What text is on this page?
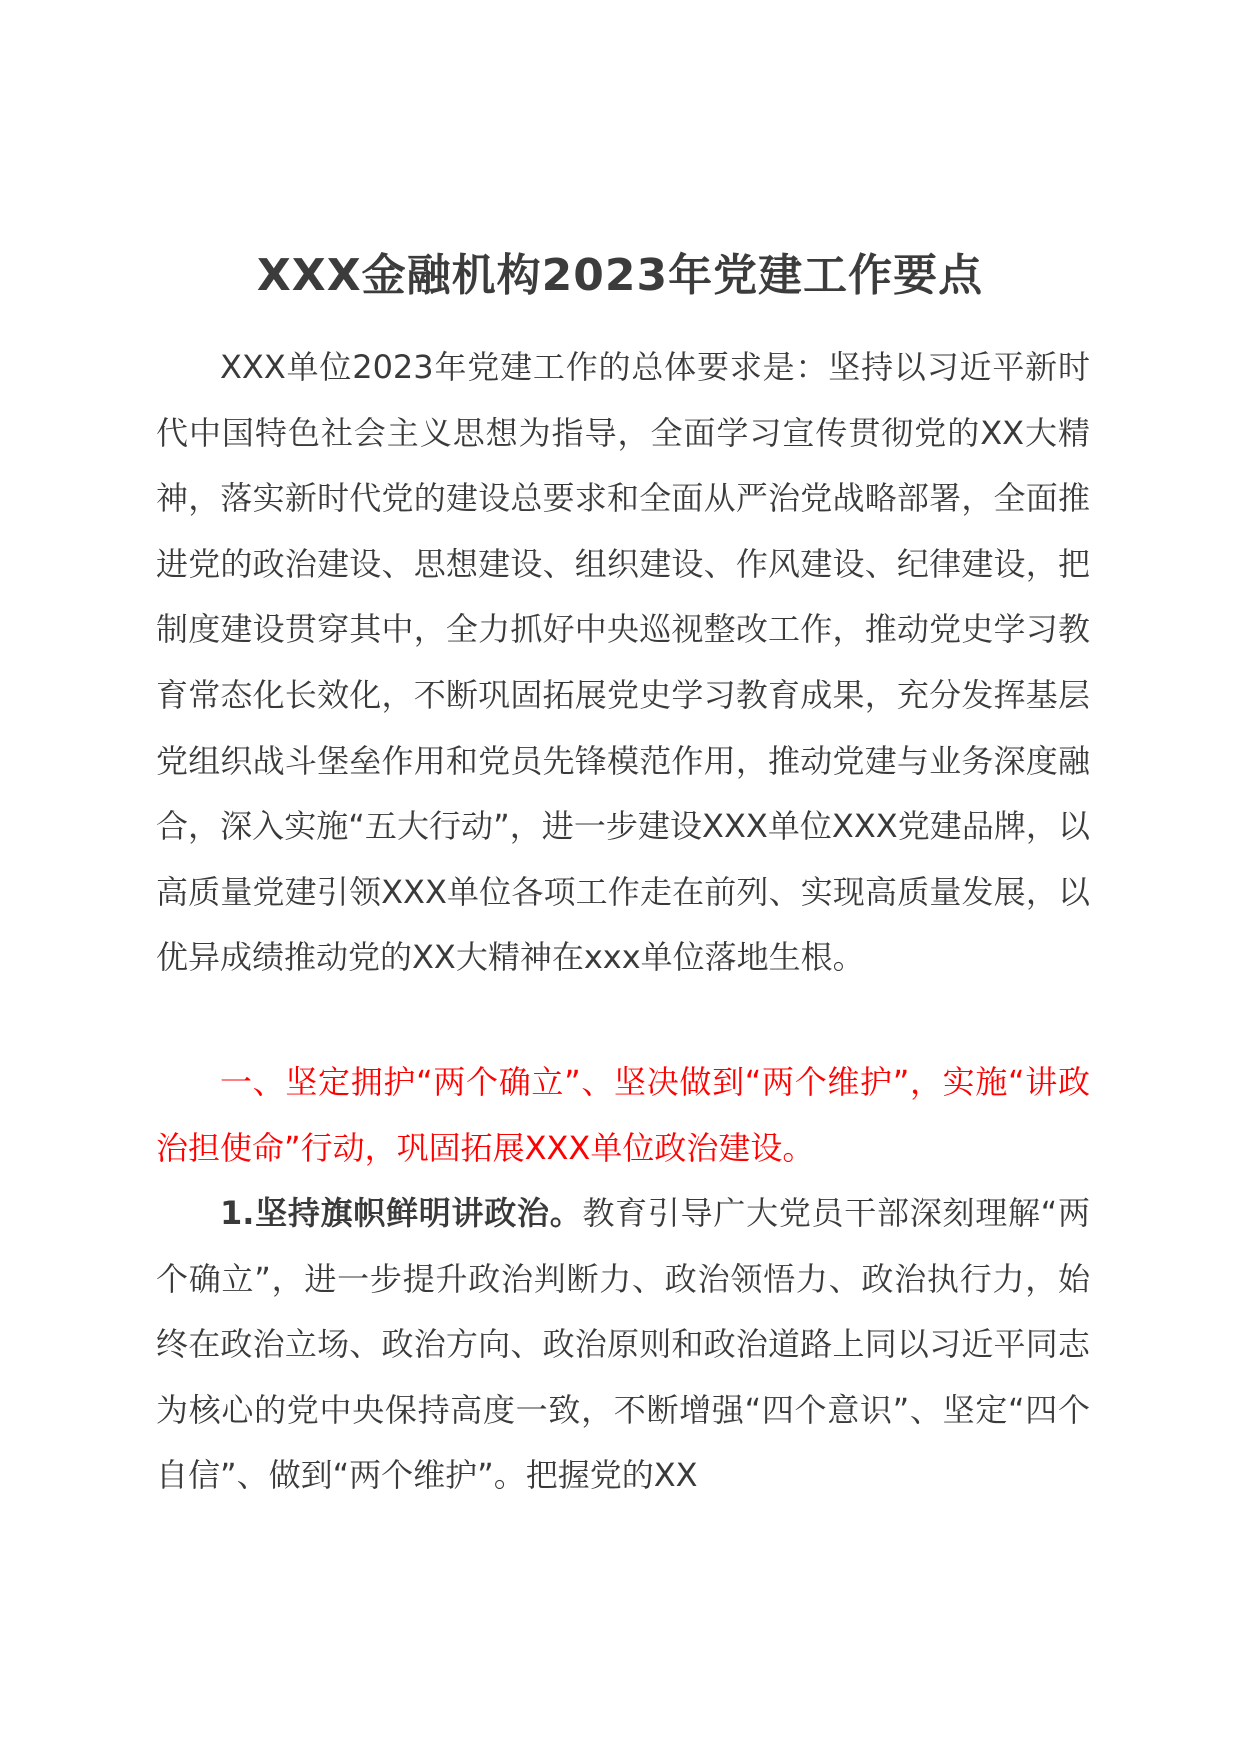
XXX金融机构2023年党建工作要点

XXX单位2023年党建工作的总体要求是：坚持以习近平新时代中国特色社会主义思想为指导，全面学习宣传贯彻党的XX大精神，落实新时代党的建设总要求和全面从严治党战略部署，全面推进党的政治建设、思想建设、组织建设、作风建设、纪律建设，把制度建设贯穿其中，全力抓好中央巡视整改工作，推动党史学习教育常态化长效化，不断巩固拓展党史学习教育成果，充分发挥基层党组织战斗堡垒作用和党员先锋模范作用，推动党建与业务深度融合，深入实施“五大行动”，进一步建设XXX单位XXX党建品牌，以高质量党建引领XXX单位各项工作走在前列、实现高质量发展，以优异成绩推动党的XX大精神在xxx单位落地生根。

一、坚定拥护“两个确立”、坚决做到“两个维护”，实施“讲政治担使命”行动，巩固拓展XXX单位政治建设。

1.坚持旗帜鲜明讲政治。教育引导广大党员干部深刻理解“两个确立”，进一步提升政治判断力、政治领悟力、政治执行力，始终在政治立场、政治方向、政治原则和政治道路上同以习近平同志为核心的党中央保持高度一致，不断增强“四个意识”、坚定“四个自信”、做到“两个维护”。把握党的XX
